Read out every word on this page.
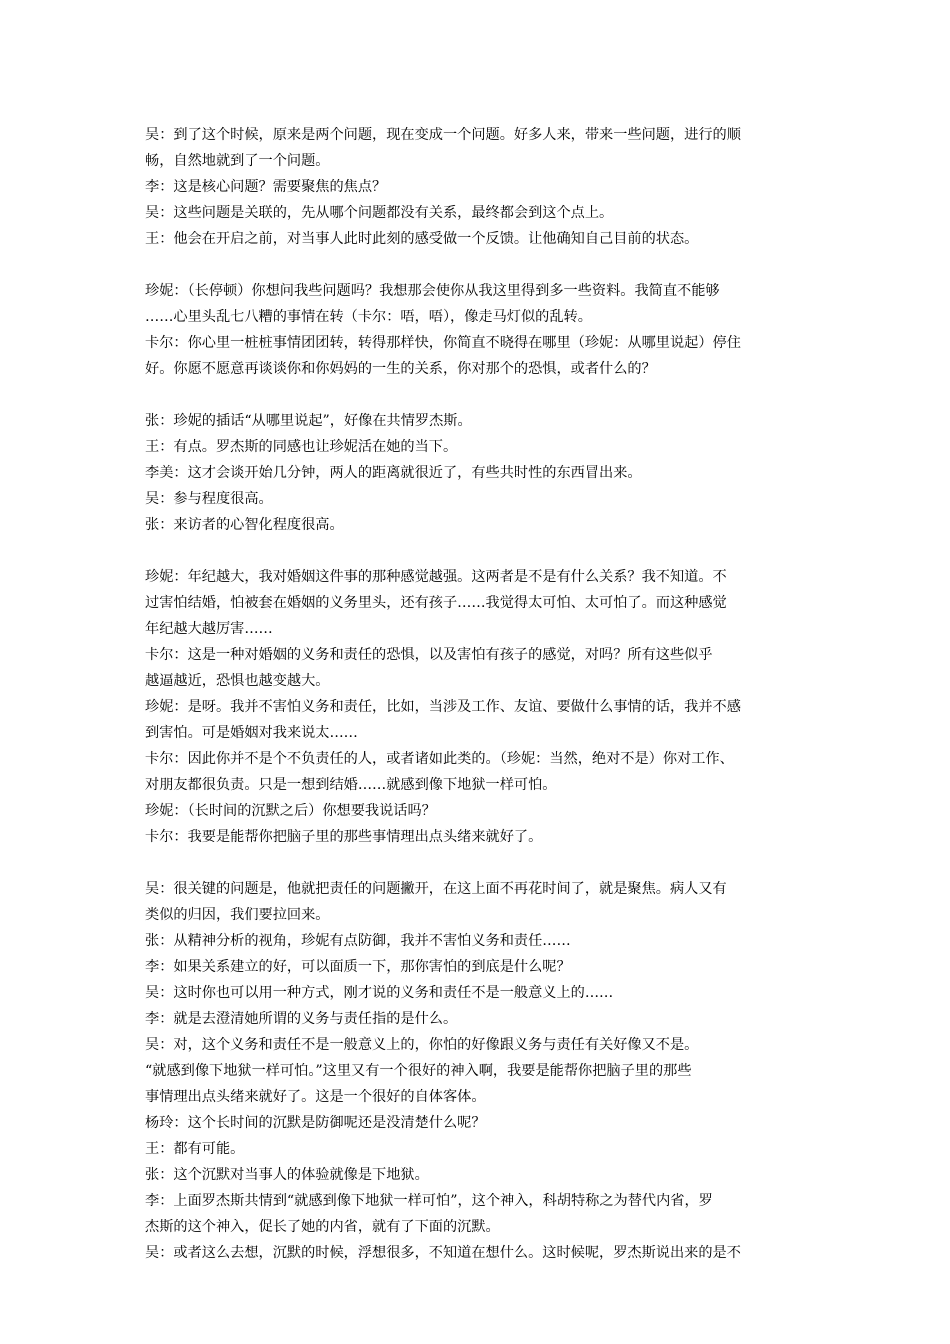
吴：到了这个时候，原来是两个问题，现在变成一个问题。好多人来，带来一些问题，进行的顺
畅，自然地就到了一个问题。
李：这是核心问题？需要聚焦的焦点？
吴：这些问题是关联的，先从哪个问题都没有关系，最终都会到这个点上。
王：他会在开启之前，对当事人此时此刻的感受做一个反馈。让他确知自己目前的状态。
珍妮：（长停顿）你想问我些问题吗？我想那会使你从我这里得到多一些资料。我简直不能够
……心里头乱七八糟的事情在转（卡尔：唔，唔），像走马灯似的乱转。
卡尔：你心里一桩桩事情团团转，转得那样快，你简直不晓得在哪里（珍妮：从哪里说起）停住
好。你愿不愿意再谈谈你和你妈妈的一生的关系，你对那个的恐惧，或者什么的？
张：珍妮的插话“从哪里说起”，好像在共情罗杰斯。
王：有点。罗杰斯的同感也让珍妮活在她的当下。
李美：这才会谈开始几分钟，两人的距离就很近了，有些共时性的东西冒出来。
吴：参与程度很高。
张：来访者的心智化程度很高。
珍妮：年纪越大，我对婚姻这件事的那种感觉越强。这两者是不是有什么关系？我不知道。不
过害怕结婚，怕被套在婚姻的义务里头，还有孩子……我觉得太可怕、太可怕了。而这种感觉
年纪越大越厉害……
卡尔：这是一种对婚姻的义务和责任的恐惧，以及害怕有孩子的感觉，对吗？所有这些似乎
越逼越近，恐惧也越变越大。
珍妮：是呀。我并不害怕义务和责任，比如，当涉及工作、友谊、要做什么事情的话，我并不感
到害怕。可是婚姻对我来说太……
卡尔：因此你并不是个不负责任的人，或者诸如此类的。（珍妮：当然，绝对不是）你对工作、
对朋友都很负责。只是一想到结婚……就感到像下地狱一样可怕。
珍妮：（长时间的沉默之后）你想要我说话吗？
卡尔：我要是能帮你把脑子里的那些事情理出点头绪来就好了。
吴：很关键的问题是，他就把责任的问题撇开，在这上面不再花时间了，就是聚焦。病人又有
类似的归因，我们要拉回来。
张：从精神分析的视角，珍妮有点防御，我并不害怕义务和责任……
李：如果关系建立的好，可以面质一下，那你害怕的到底是什么呢？
吴：这时你也可以用一种方式，刚才说的义务和责任不是一般意义上的……
李：就是去澄清她所谓的义务与责任指的是什么。
吴：对，这个义务和责任不是一般意义上的，你怕的好像跟义务与责任有关好像又不是。
“就感到像下地狱一样可怕。”这里又有一个很好的神入啊，我要是能帮你把脑子里的那些
事情理出点头绪来就好了。这是一个很好的自体客体。
杨玲：这个长时间的沉默是防御呢还是没清楚什么呢？
王：都有可能。
张：这个沉默对当事人的体验就像是下地狱。
李：上面罗杰斯共情到“就感到像下地狱一样可怕”，这个神入，科胡特称之为替代内省，罗
杰斯的这个神入，促长了她的内省，就有了下面的沉默。
吴：或者这么去想，沉默的时候，浮想很多，不知道在想什么。这时候呢，罗杰斯说出来的是不
